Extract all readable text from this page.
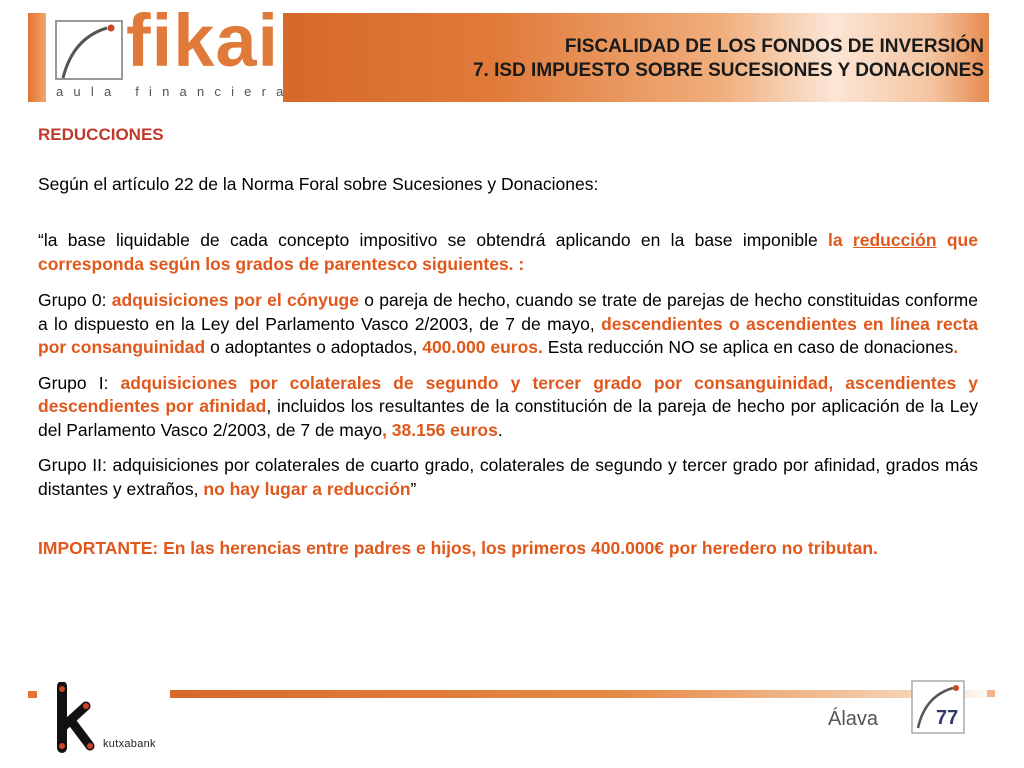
fikai
aula financiera
FISCALIDAD DE LOS FONDOS DE INVERSIÓN
7. ISD IMPUESTO SOBRE SUCESIONES Y DONACIONES

REDUCCIONES

Según el artículo 22 de la Norma Foral sobre Sucesiones y Donaciones:

“la base liquidable de cada concepto impositivo se obtendrá aplicando en la base imponible la reducción que corresponda según los grados de parentesco siguientes. :

Grupo 0: adquisiciones por el cónyuge o pareja de hecho, cuando se trate de parejas de hecho constituidas conforme a lo dispuesto en la Ley del Parlamento Vasco 2/2003, de 7 de mayo, descendientes o ascendientes en línea recta por consanguinidad o adoptantes o adoptados, 400.000 euros. Esta reducción NO se aplica en caso de donaciones.

Grupo I: adquisiciones por colaterales de segundo y tercer grado por consanguinidad, ascendientes y descendientes por afinidad, incluidos los resultantes de la constitución de la pareja de hecho por aplicación de la Ley del Parlamento Vasco 2/2003, de 7 de mayo, 38.156 euros.

Grupo II: adquisiciones por colaterales de cuarto grado, colaterales de segundo y tercer grado por afinidad, grados más distantes y extraños, no hay lugar a reducción”

IMPORTANTE: En las herencias entre padres e hijos, los primeros 400.000€ por heredero no tributan.

kutxabank
Álava	77
